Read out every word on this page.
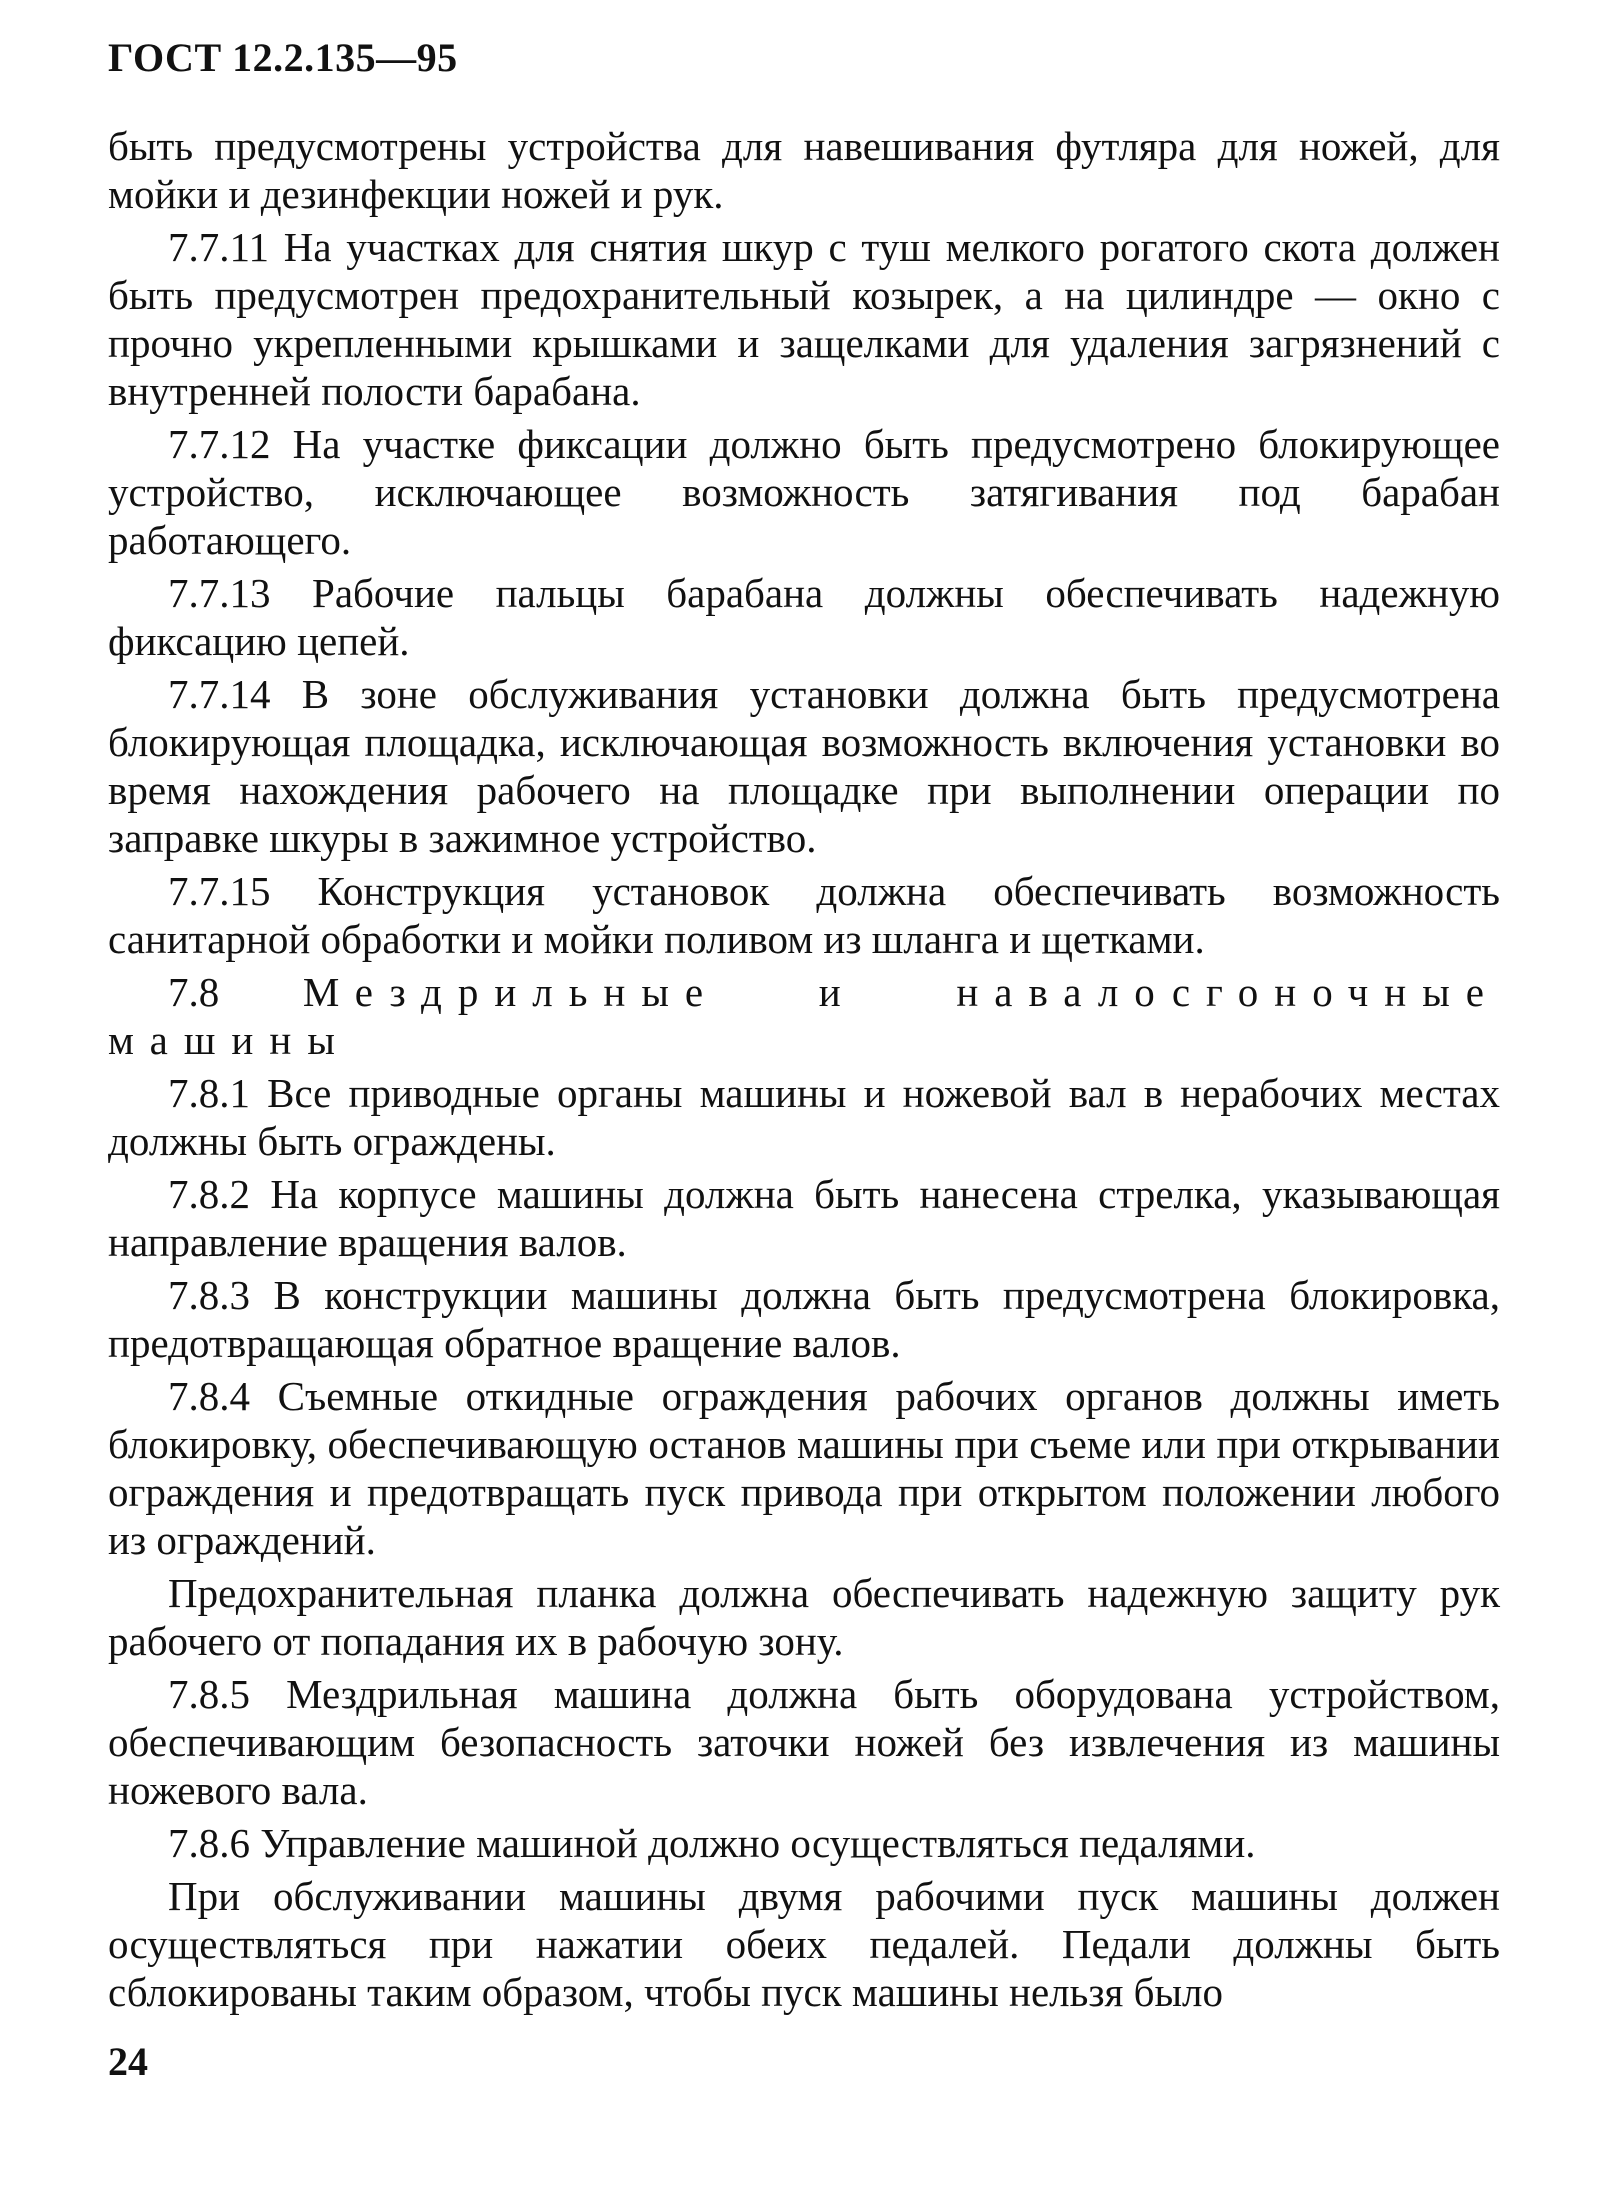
ГОСТ 12.2.135—95

быть предусмотрены устройства для навешивания футляра для ножей, для мойки и дезинфекции ножей и рук.

7.7.11 На участках для снятия шкур с туш мелкого рогатого скота должен быть предусмотрен предохранительный козырек, а на цилиндре — окно с прочно укрепленными крышками и защелками для удаления загрязнений с внутренней полости барабана.

7.7.12 На участке фиксации должно быть предусмотрено блокирующее устройство, исключающее возможность затягивания под барабан работающего.

7.7.13 Рабочие пальцы барабана должны обеспечивать надежную фиксацию цепей.

7.7.14 В зоне обслуживания установки должна быть предусмотрена блокирующая площадка, исключающая возможность включения установки во время нахождения рабочего на площадке при выполнении операции по заправке шкуры в зажимное устройство.

7.7.15 Конструкция установок должна обеспечивать возможность санитарной обработки и мойки поливом из шланга и щетками.

7.8 Мездрильные и навалосгоночные машины

7.8.1 Все приводные органы машины и ножевой вал в нерабочих местах должны быть ограждены.

7.8.2 На корпусе машины должна быть нанесена стрелка, указывающая направление вращения валов.

7.8.3 В конструкции машины должна быть предусмотрена блокировка, предотвращающая обратное вращение валов.

7.8.4 Съемные откидные ограждения рабочих органов должны иметь блокировку, обеспечивающую останов машины при съеме или при открывании ограждения и предотвращать пуск привода при открытом положении любого из ограждений.

Предохранительная планка должна обеспечивать надежную защиту рук рабочего от попадания их в рабочую зону.

7.8.5 Мездрильная машина должна быть оборудована устройством, обеспечивающим безопасность заточки ножей без извлечения из машины ножевого вала.

7.8.6 Управление машиной должно осуществляться педалями.

При обслуживании машины двумя рабочими пуск машины должен осуществляться при нажатии обеих педалей. Педали должны быть сблокированы таким образом, чтобы пуск машины нельзя было

24
